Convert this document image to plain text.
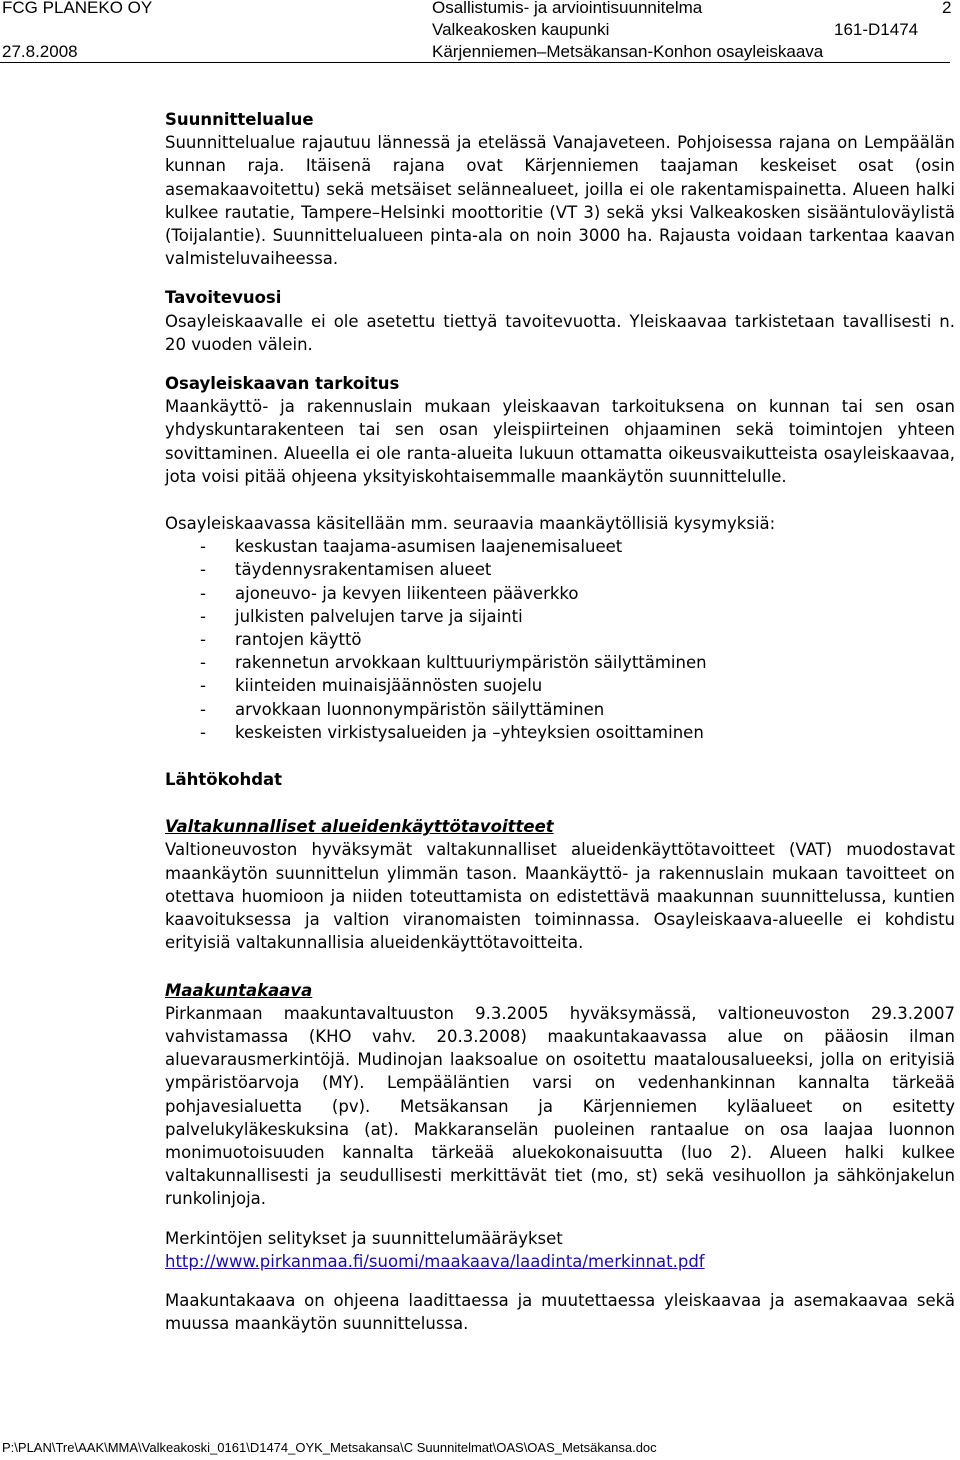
FCG PLANEKO OY
27.8.2008
Osallistumis- ja arviointisuunnitelma	2
Valkeakosken kaupunki	161-D1474
Kärjenniemen–Metsäkansan-Konhon osayleiskaava

Suunnittelualue

Suunnittelualue rajautuu lännessä ja etelässä Vanajaveteen. Pohjoisessa rajana on Lempäälän kunnan raja. Itäisenä rajana ovat Kärjenniemen taajaman keskeiset osat (osin asemakaavoitettu) sekä metsäiset selännealueet, joilla ei ole rakentamispainetta. Alueen halki kulkee rautatie, Tampere–Helsinki moottoritie (VT 3) sekä yksi Valkeakosken sisääntuloväylistä (Toijalantie). Suunnittelualueen pinta-ala on noin 3000 ha. Rajausta voidaan tarkentaa kaavan valmisteluvaiheessa.

Tavoitevuosi

Osayleiskaavalle ei ole asetettu tiettyä tavoitevuotta. Yleiskaavaa tarkistetaan tavallisesti n. 20 vuoden välein.

Osayleiskaavan tarkoitus

Maankäyttö- ja rakennuslain mukaan yleiskaavan tarkoituksena on kunnan tai sen osan yhdyskuntarakenteen tai sen osan yleispiirteinen ohjaaminen sekä toimintojen yhteen sovittaminen. Alueella ei ole ranta-alueita lukuun ottamatta oikeusvaikutteista osayleiskaavaa, jota voisi pitää ohjeena yksityiskohtaisemmalle maankäytön suunnittelulle.

Osayleiskaavassa käsitellään mm. seuraavia maankäytöllisiä kysymyksiä:

- keskustan taajama-asumisen laajenemisalueet
- täydennysrakentamisen alueet
- ajoneuvo- ja kevyen liikenteen pääverkko
- julkisten palvelujen tarve ja sijainti
- rantojen käyttö
- rakennetun arvokkaan kulttuuriympäristön säilyttäminen
- kiinteiden muinaisjäännösten suojelu
- arvokkaan luonnonympäristön säilyttäminen
- keskeisten virkistysalueiden ja –yhteyksien osoittaminen

Lähtökohdat

Valtakunnalliset alueidenkäyttötavoitteet

Valtioneuvoston hyväksymät valtakunnalliset alueidenkäyttötavoitteet (VAT) muodostavat maankäytön suunnittelun ylimmän tason. Maankäyttö- ja rakennuslain mukaan tavoitteet on otettava huomioon ja niiden toteuttamista on edistettävä maakunnan suunnittelussa, kuntien kaavoituksessa ja valtion viranomaisten toiminnassa. Osayleiskaava-alueelle ei kohdistu erityisiä valtakunnallisia alueidenkäyttötavoitteita.

Maakuntakaava

Pirkanmaan maakuntavaltuuston 9.3.2005 hyväksymässä, valtioneuvoston 29.3.2007 vahvistamassa (KHO vahv. 20.3.2008) maakuntakaavassa alue on pääosin ilman aluevarausmerkintöjä. Mudinojan laaksoalue on osoitettu maatalousalueeksi, jolla on erityisiä ympäristöarvoja (MY). Lempääläntien varsi on vedenhankinnan kannalta tärkeää pohjavesialuetta (pv). Metsäkansan ja Kärjenniemen kyläalueet on esitetty palvelukyläkeskuksina (at). Makkaranselän puoleinen rantaalue on osa laajaa luonnon monimuotoisuuden kannalta tärkeää aluekokonaisuutta (luo 2). Alueen halki kulkee valtakunnallisesti ja seudullisesti merkittävät tiet (mo, st) sekä vesihuollon ja sähkönjakelun runkolinjoja.

Merkintöjen selitykset ja suunnittelumääräykset

http://www.pirkanmaa.fi/suomi/maakaava/laadinta/merkinnat.pdf

Maakuntakaava on ohjeena laadittaessa ja muutettaessa yleiskaavaa ja asemakaavaa sekä muussa maankäytön suunnittelussa.

P:\PLAN\Tre\AAK\MMA\Valkeakoski_0161\D1474_OYK_Metsakansa\C Suunnitelmat\OAS\OAS_Metsäkansa.doc
